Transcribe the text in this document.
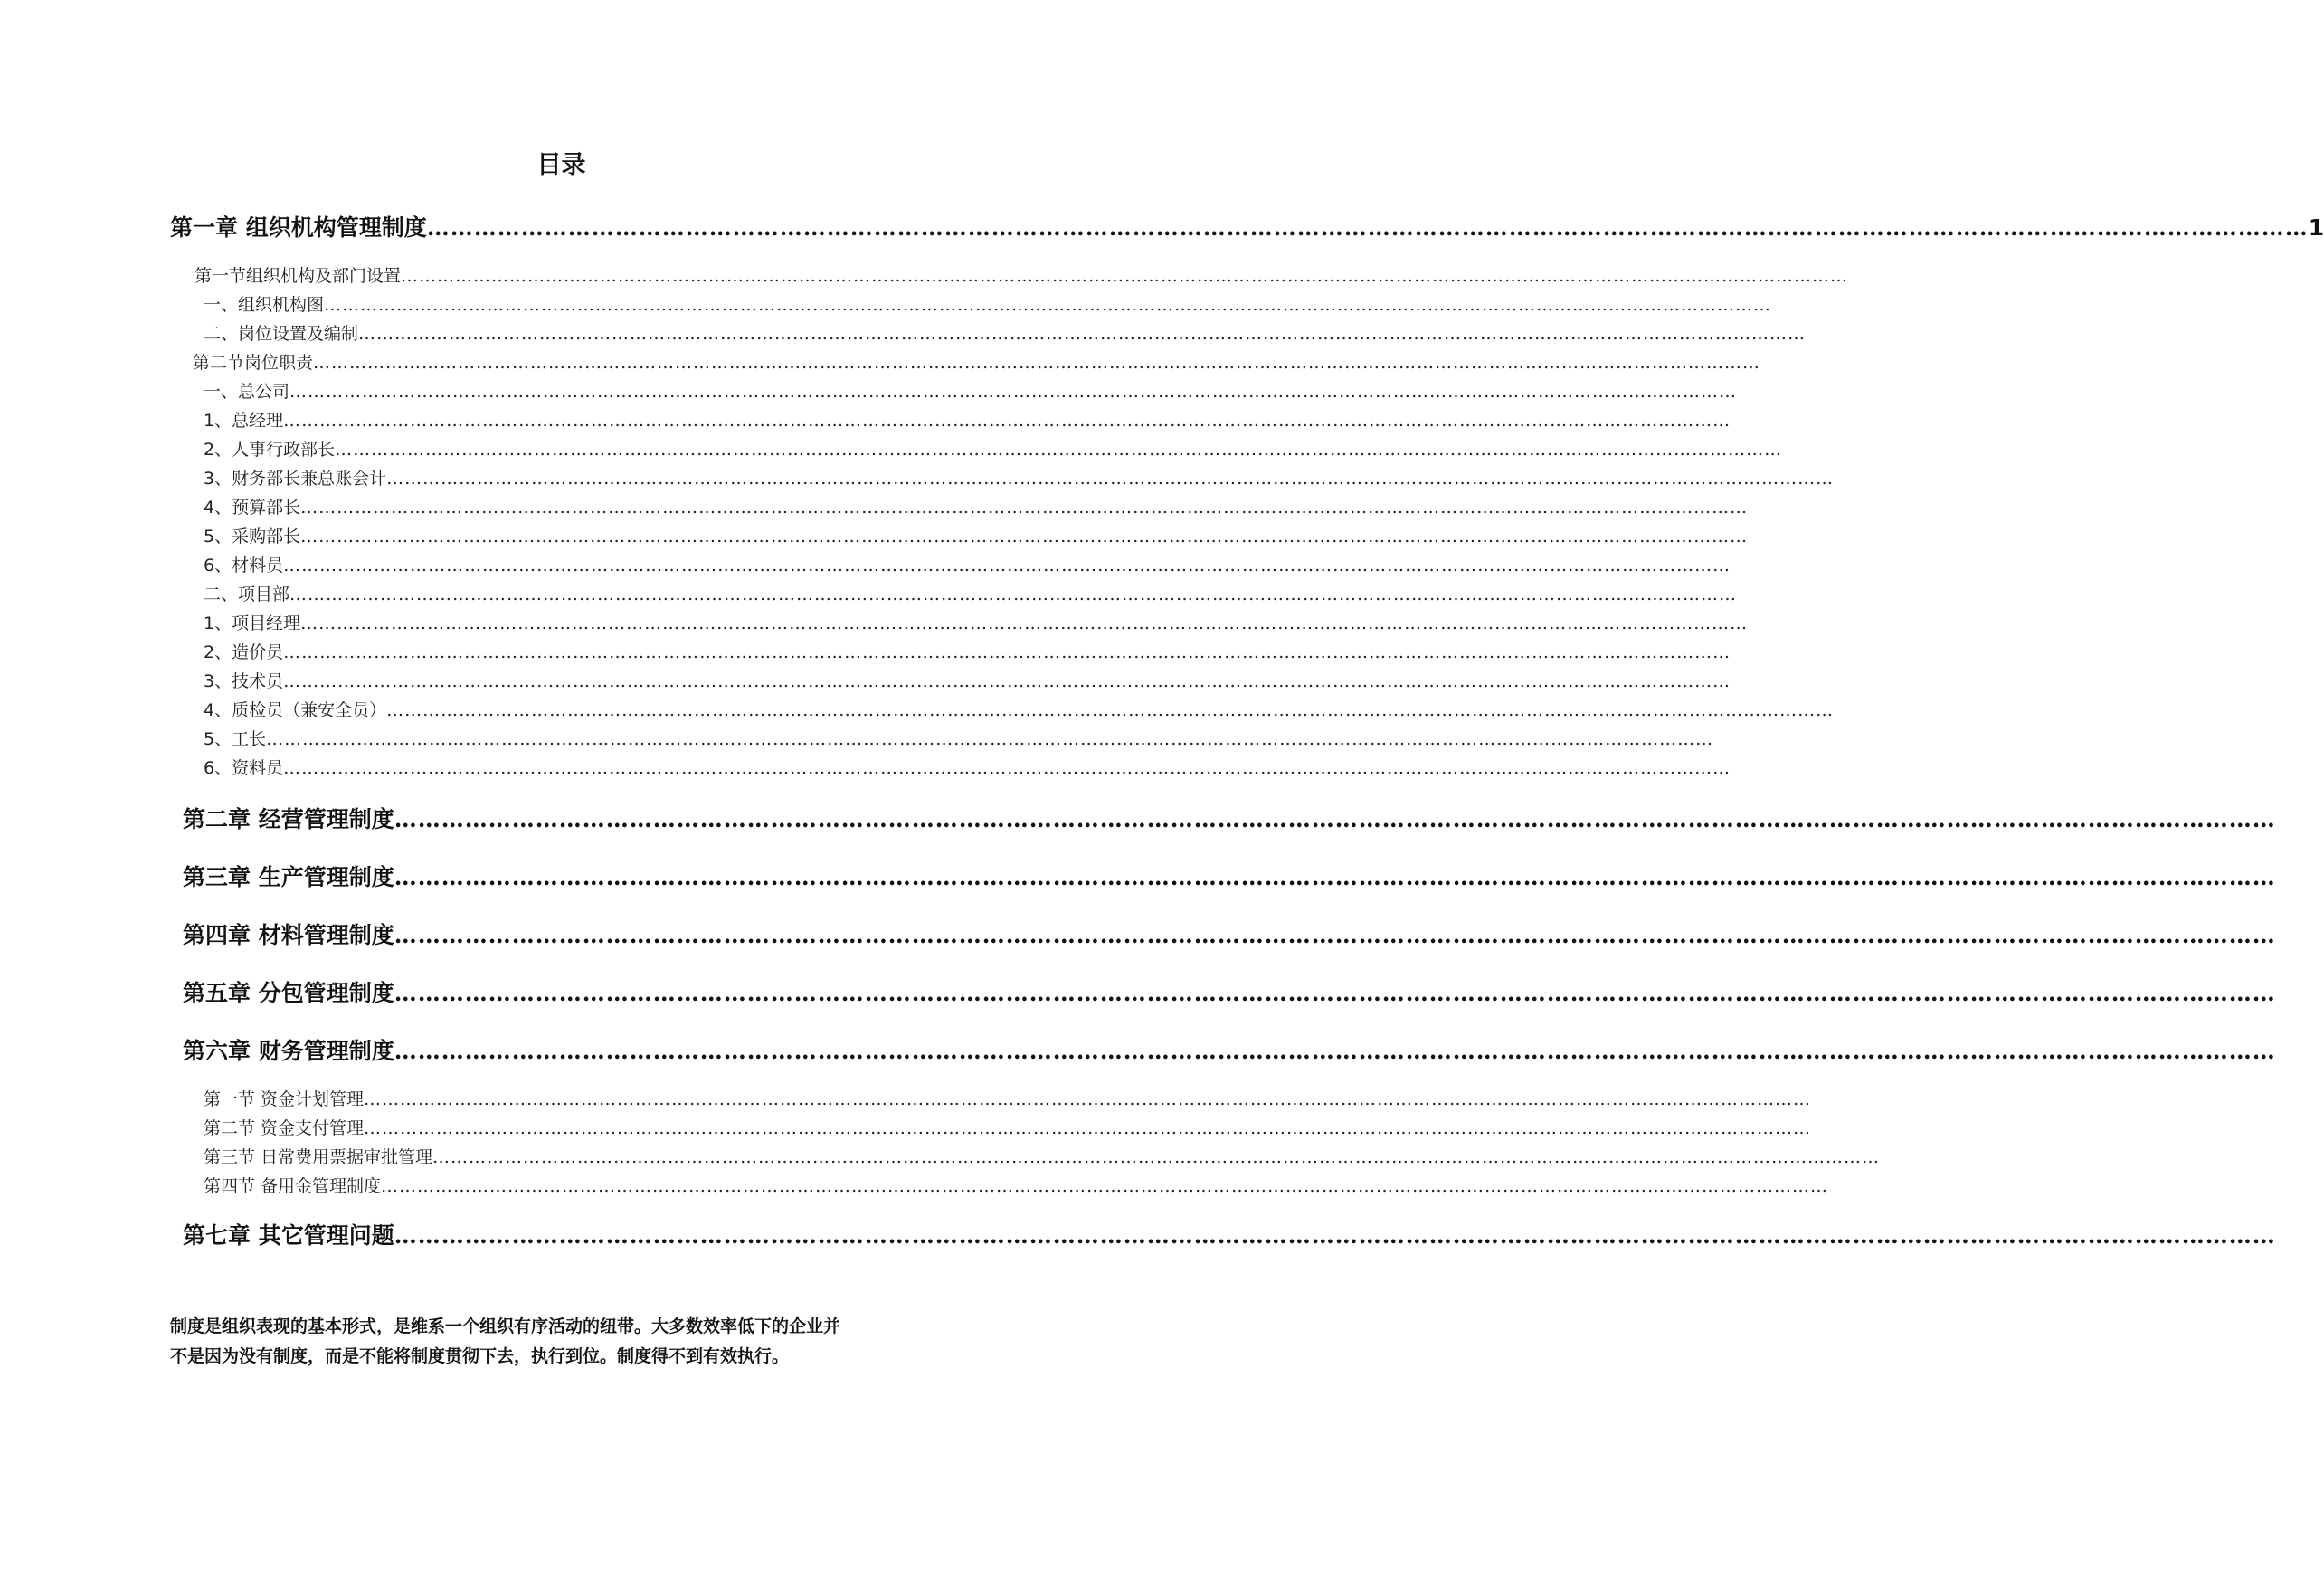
目录
第一章 组织机构管理制度 …………………………………………………………………………………………………………………………………………………………………………………………………………………… 1
第一节组织机构及部门设置 ……………………………………………………………………………………………………………………………………………………………………………………………………………………
一、组织机构图 ……………………………………………………………………………………………………………………………………………………………………………………………………………………
二、岗位设置及编制 ……………………………………………………………………………………………………………………………………………………………………………………………………………………
第二节岗位职责 ……………………………………………………………………………………………………………………………………………………………………………………………………………………
一、总公司 ……………………………………………………………………………………………………………………………………………………………………………………………………………………
1、总经理 ……………………………………………………………………………………………………………………………………………………………………………………………………………………
2、人事行政部长 ……………………………………………………………………………………………………………………………………………………………………………………………………………………
3、财务部长兼总账会计 ……………………………………………………………………………………………………………………………………………………………………………………………………………………
4、预算部长 ……………………………………………………………………………………………………………………………………………………………………………………………………………………
5、采购部长 ……………………………………………………………………………………………………………………………………………………………………………………………………………………
6、材料员 ……………………………………………………………………………………………………………………………………………………………………………………………………………………
二、项目部 ……………………………………………………………………………………………………………………………………………………………………………………………………………………
1、项目经理 ……………………………………………………………………………………………………………………………………………………………………………………………………………………
2、造价员 ……………………………………………………………………………………………………………………………………………………………………………………………………………………
3、技术员 ……………………………………………………………………………………………………………………………………………………………………………………………………………………
4、质检员（兼安全员） ……………………………………………………………………………………………………………………………………………………………………………………………………………………
5、工长 ……………………………………………………………………………………………………………………………………………………………………………………………………………………
6、资料员 ……………………………………………………………………………………………………………………………………………………………………………………………………………………
第二章 经营管理制度 ……………………………………………………………………………………………………………………………………………………………………………………………………………………
第三章 生产管理制度 ……………………………………………………………………………………………………………………………………………………………………………………………………………………
第四章 材料管理制度 ……………………………………………………………………………………………………………………………………………………………………………………………………………………
第五章 分包管理制度 ……………………………………………………………………………………………………………………………………………………………………………………………………………………
第六章 财务管理制度 ……………………………………………………………………………………………………………………………………………………………………………………………………………………
第一节 资金计划管理 ……………………………………………………………………………………………………………………………………………………………………………………………………………………
第二节 资金支付管理 ……………………………………………………………………………………………………………………………………………………………………………………………………………………
第三节 日常费用票据审批管理 ……………………………………………………………………………………………………………………………………………………………………………………………………………………
第四节 备用金管理制度 ……………………………………………………………………………………………………………………………………………………………………………………………………………………
第七章 其它管理问题 ……………………………………………………………………………………………………………………………………………………………………………………………………………………
制度是组织表现的基本形式，是维系一个组织有序活动的纽带。大多数效率低下的企业并
不是因为没有制度，而是不能将制度贯彻下去，执行到位。制度得不到有效执行。
